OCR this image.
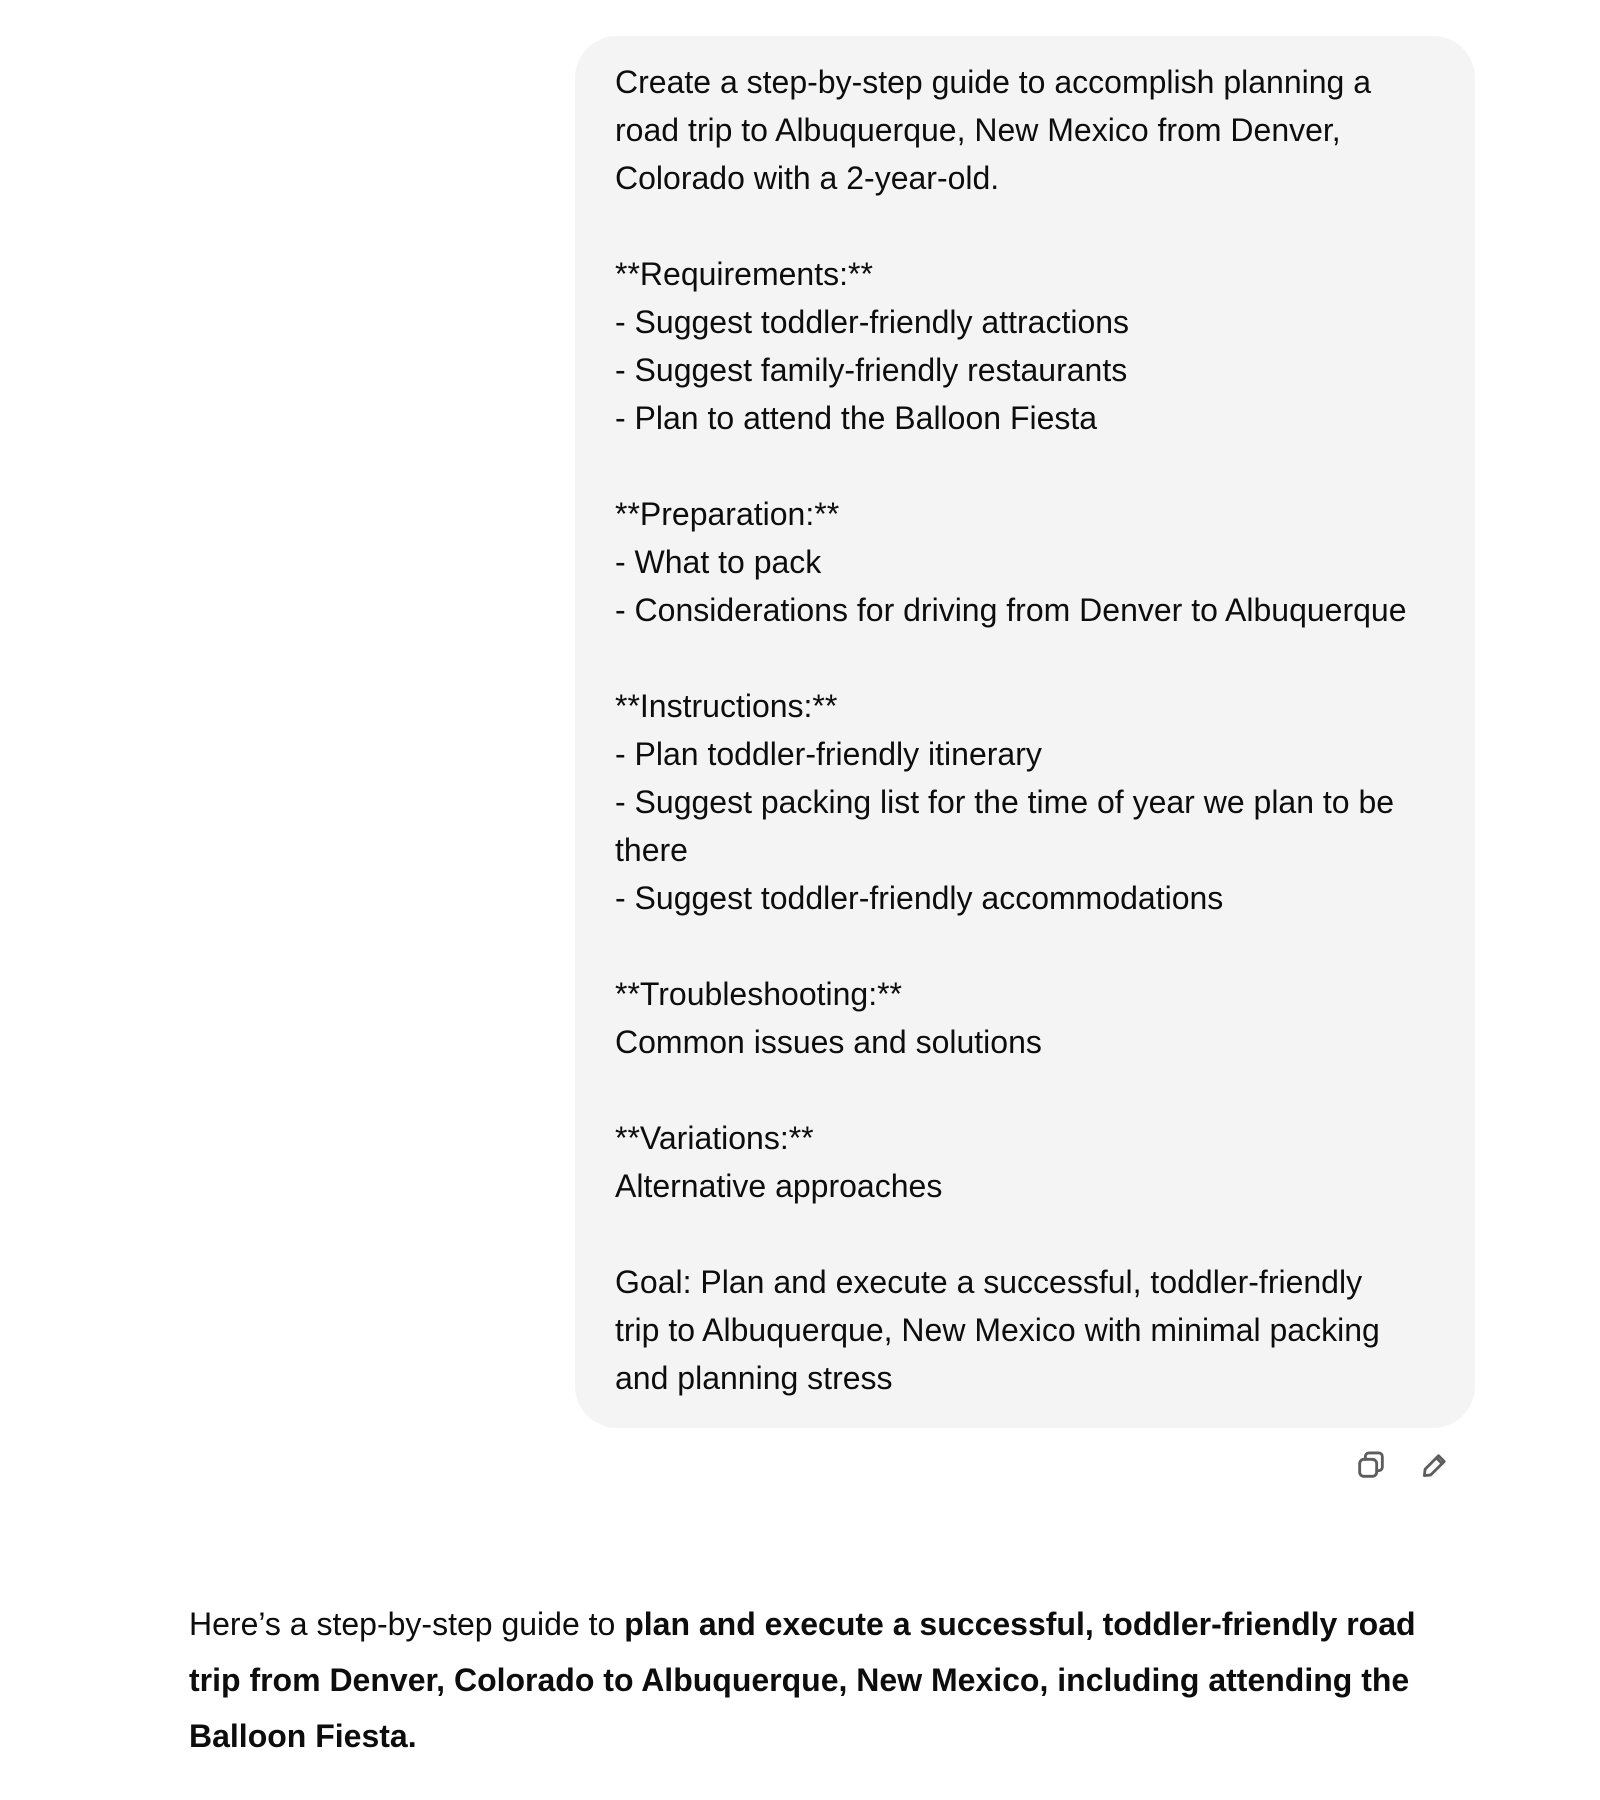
Create a step-by-step guide to accomplish planning a
road trip to Albuquerque, New Mexico from Denver,
Colorado with a 2-year-old.
**Requirements:**
- Suggest toddler-friendly attractions
- Suggest family-friendly restaurants
- Plan to attend the Balloon Fiesta
**Preparation:**
- What to pack
- Considerations for driving from Denver to Albuquerque
**Instructions:**
- Plan toddler-friendly itinerary
- Suggest packing list for the time of year we plan to be
there
- Suggest toddler-friendly accommodations
**Troubleshooting:**
Common issues and solutions
**Variations:**
Alternative approaches
Goal: Plan and execute a successful, toddler-friendly
trip to Albuquerque, New Mexico with minimal packing
and planning stress

Here’s a step-by-step guide to plan and execute a successful, toddler-friendly road trip from Denver, Colorado to Albuquerque, New Mexico, including attending the Balloon Fiesta.
